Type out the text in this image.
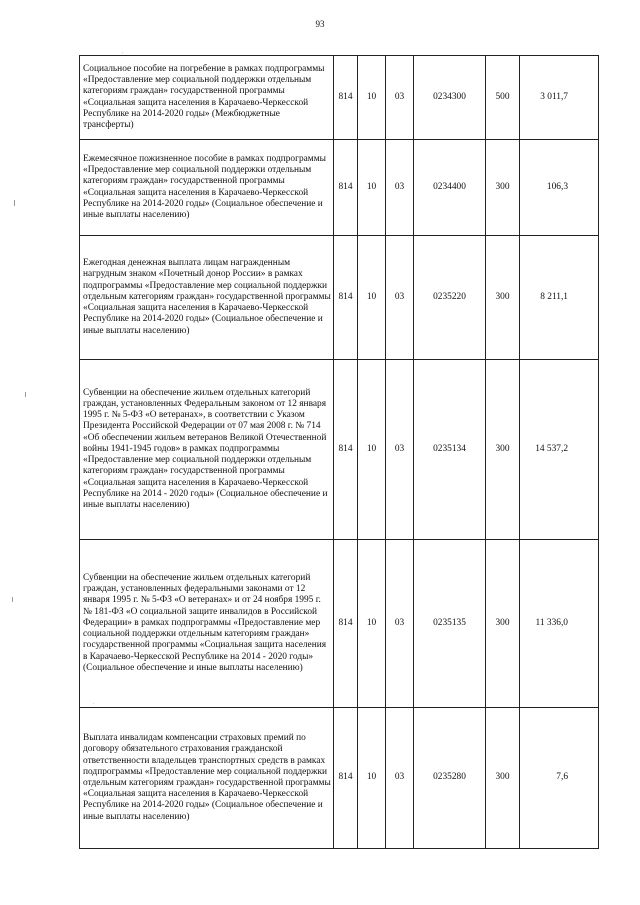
93
'
'
Социальное пособие на погребение в рамках подпрограммы «Предоставление мер социальной поддержки отдельным категориям граждан» государственной программы «Социальная защита населения в Карачаево-Черкесской Республике на 2014-2020 годы» (Межбюджетные трансферты)	814	10	03	0234300	500	3 011,7
Ежемесячное пожизненное пособие в рамках подпрограммы «Предоставление мер социальной поддержки отдельным категориям граждан» государственной программы «Социальная защита населения в Карачаево-Черкесской Республике на 2014-2020 годы» (Социальное обеспечение и иные выплаты населению)	814	10	03	0234400	300	106,3
Ежегодная денежная выплата лицам награжденным нагрудным знаком «Почетный донор России» в рамках подпрограммы «Предоставление мер социальной поддержки отдельным категориям граждан» государственной программы «Социальная защита населения в Карачаево-Черкесской Республике на 2014-2020 годы» (Социальное обеспечение и иные выплаты населению)	814	10	03	0235220	300	8 211,1
Субвенции на обеспечение жильем отдельных категорий граждан, установленных Федеральным законом от 12 января 1995 г. № 5-ФЗ «О ветеранах», в соответствии с Указом Президента Российской Федерации от 07 мая 2008 г. № 714 «Об обеспечении жильем ветеранов Великой Отечественной войны 1941-1945 годов» в рамках подпрограммы «Предоставление мер социальной поддержки отдельным категориям граждан» государственной программы «Социальная защита населения в Карачаево-Черкесской Республике на 2014 - 2020 годы» (Социальное обеспечение и иные выплаты населению)	814	10	03	0235134	300	14 537,2
Субвенции на обеспечение жильем отдельных категорий граждан, установленных федеральными законами от 12 января 1995 г. № 5-ФЗ «О ветеранах» и от 24 ноября 1995 г. № 181-ФЗ «О социальной защите инвалидов в Российской Федерации» в рамках подпрограммы «Предоставление мер социальной поддержки отдельным категориям граждан» государственной программы «Социальная защита населения в Карачаево-Черкесской Республике на 2014 - 2020 годы» (Социальное обеспечение и иные выплаты населению)	814	10	03	0235135	300	11 336,0
Выплата инвалидам компенсации страховых премий по договору обязательного страхования гражданской ответственности владельцев транспортных средств в рамках подпрограммы «Предоставление мер социальной поддержки отдельным категориям граждан» государственной программы «Социальная защита населения в Карачаево-Черкесской Республике на 2014-2020 годы» (Социальное обеспечение и иные выплаты населению)	814	10	03	0235280	300	7,6
